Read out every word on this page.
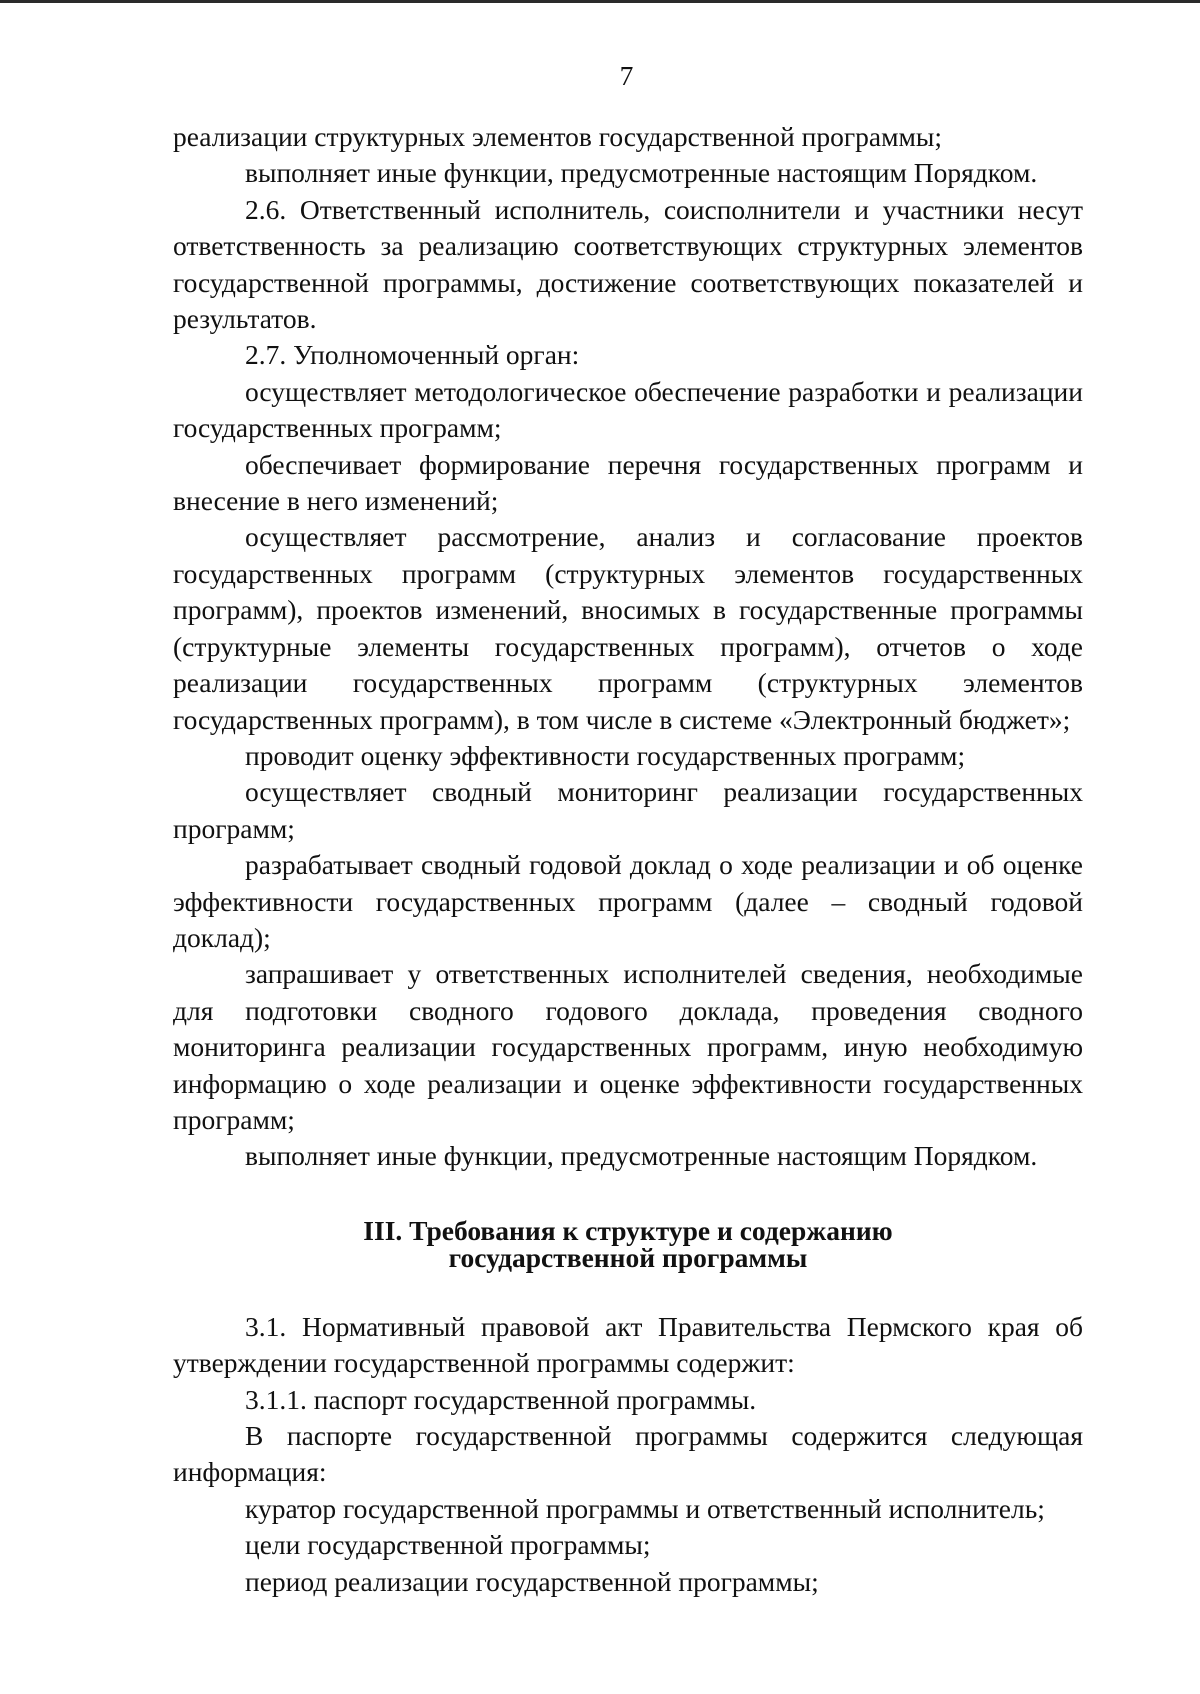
7

реализации структурных элементов государственной программы;

выполняет иные функции, предусмотренные настоящим Порядком.

2.6. Ответственный исполнитель, соисполнители и участники несут ответственность за реализацию соответствующих структурных элементов государственной программы, достижение соответствующих показателей и результатов.

2.7. Уполномоченный орган:

осуществляет методологическое обеспечение разработки и реализации государственных программ;

обеспечивает формирование перечня государственных программ и внесение в него изменений;

осуществляет рассмотрение, анализ и согласование проектов государственных программ (структурных элементов государственных программ), проектов изменений, вносимых в государственные программы (структурные элементы государственных программ), отчетов о ходе реализации государственных программ (структурных элементов государственных программ), в том числе в системе «Электронный бюджет»;

проводит оценку эффективности государственных программ;

осуществляет сводный мониторинг реализации государственных программ;

разрабатывает сводный годовой доклад о ходе реализации и об оценке эффективности государственных программ (далее – сводный годовой доклад);

запрашивает у ответственных исполнителей сведения, необходимые для подготовки сводного годового доклада, проведения сводного мониторинга реализации государственных программ, иную необходимую информацию о ходе реализации и оценке эффективности государственных программ;

выполняет иные функции, предусмотренные настоящим Порядком.

III. Требования к структуре и содержанию
государственной программы

3.1. Нормативный правовой акт Правительства Пермского края об утверждении государственной программы содержит:

3.1.1. паспорт государственной программы.

В паспорте государственной программы содержится следующая информация:

куратор государственной программы и ответственный исполнитель;

цели государственной программы;

период реализации государственной программы;
